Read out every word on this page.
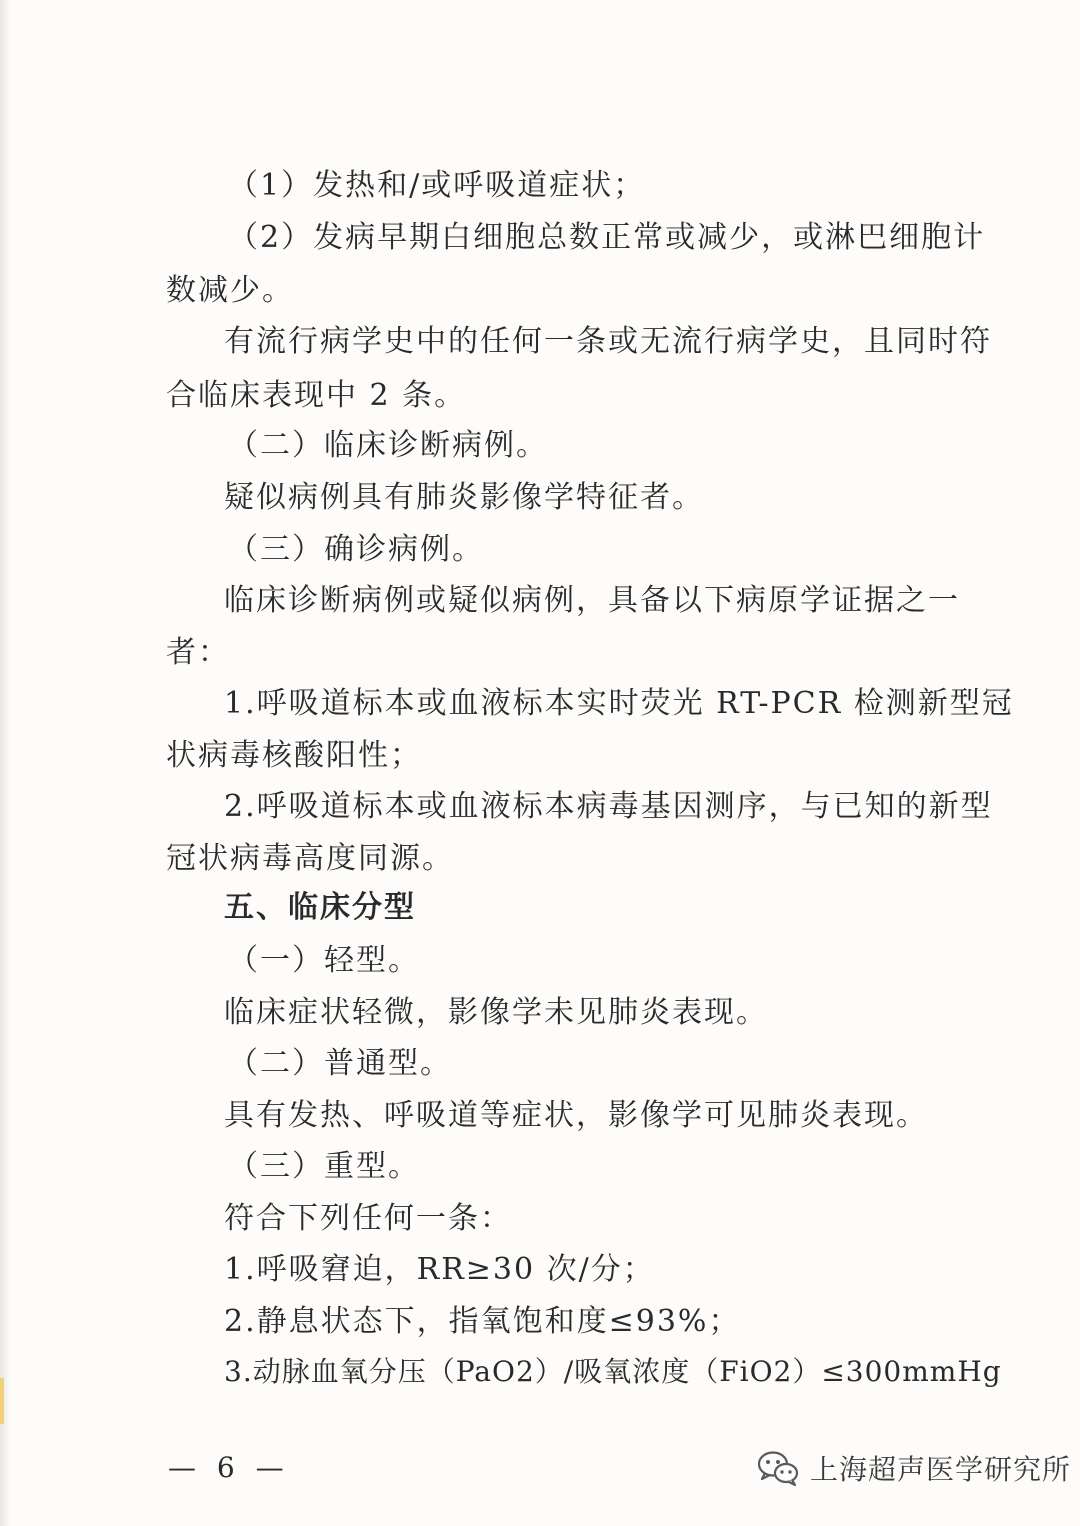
（1）发热和/或呼吸道症状；
（2）发病早期白细胞总数正常或减少，或淋巴细胞计
数减少。
有流行病学史中的任何一条或无流行病学史，且同时符
合临床表现中 2 条。
（二）临床诊断病例。
疑似病例具有肺炎影像学特征者。
（三）确诊病例。
临床诊断病例或疑似病例，具备以下病原学证据之一
者：
1.呼吸道标本或血液标本实时荧光 RT-PCR 检测新型冠
状病毒核酸阳性；
2.呼吸道标本或血液标本病毒基因测序，与已知的新型
冠状病毒高度同源。
五、临床分型
（一）轻型。
临床症状轻微，影像学未见肺炎表现。
（二）普通型。
具有发热、呼吸道等症状，影像学可见肺炎表现。
（三）重型。
符合下列任何一条：
1.呼吸窘迫，RR≥30 次/分；
2.静息状态下，指氧饱和度≤93%；
3.动脉血氧分压（PaO2）/吸氧浓度（FiO2）≤300mmHg
— 6 —	上海超声医学研究所
